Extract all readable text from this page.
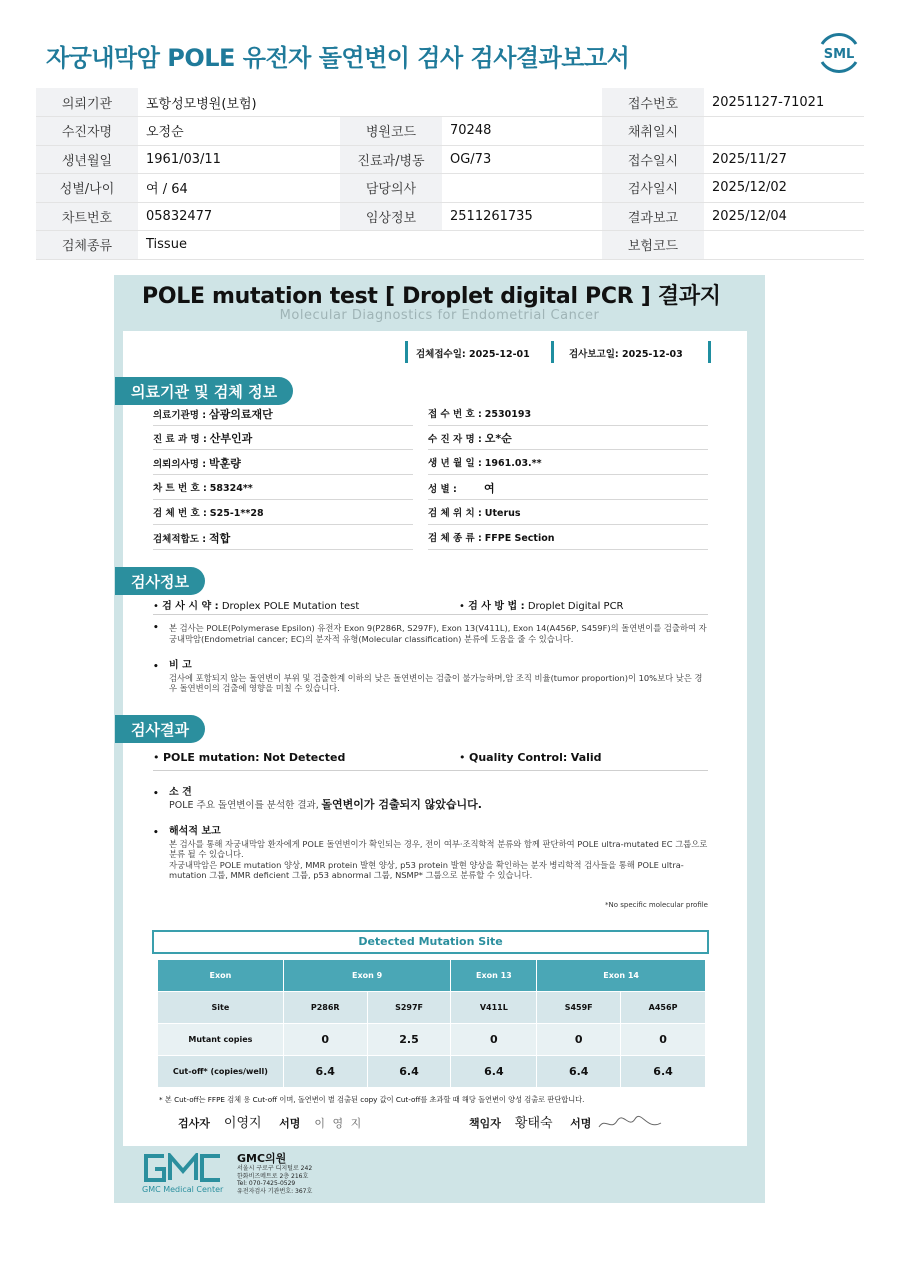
자궁내막암 POLE 유전자 돌연변이 검사 검사결과보고서	SML
의뢰기관	포항성모병원(보험)			접수번호	20251127-71021
수진자명	오정순	병원코드	70248	채취일시	
생년월일	1961/03/11	진료과/병동	OG/73	접수일시	2025/11/27
성별/나이	여 / 64	담당의사		검사일시	2025/12/02
차트번호	05832477	임상정보	2511261735	결과보고	2025/12/04
검체종류	Tissue			보험코드	
POLE mutation test [ Droplet digital PCR ] 결과지
Molecular Diagnostics for Endometrial Cancer
검체접수일: 2025-12-01	검사보고일: 2025-12-03
의료기관 및 검체 정보
의료기관명 : 삼광의료재단	접 수 번 호 : 2530193
진 료 과 명 : 산부인과	수 진 자 명 : 오*순
의뢰의사명 : 박훈량	생 년 월 일 : 1961.03.**
차 트 번 호 : 58324**	성 별 : 여
검 체 번 호 : S25-1**28	검 체 위 치 : Uterus
검체적합도 : 적합	검 체 종 류 : FFPE Section
검사정보
• 검 사 시 약 : Droplex POLE Mutation test	• 검 사 방 법 : Droplet Digital PCR
• 본 검사는 POLE(Polymerase Epsilon) 유전자 Exon 9(P286R, S297F), Exon 13(V411L), Exon 14(A456P, S459F)의 돌연변이를 검출하여 자궁내막암(Endometrial cancer; EC)의 분자적 유형(Molecular classification) 분류에 도움을 줄 수 있습니다.
• 비 고
검사에 포함되지 않는 돌연변이 부위 및 검출한계 이하의 낮은 돌연변이는 검출이 불가능하며,암 조직 비율(tumor proportion)이 10%보다 낮은 경우 돌연변이의 검출에 영향을 미칠 수 있습니다.
검사결과
• POLE mutation: Not Detected	• Quality Control: Valid
• 소 견
POLE 주요 돌연변이를 분석한 결과, 돌연변이가 검출되지 않았습니다.
• 해석적 보고
본 검사를 통해 자궁내막암 환자에게 POLE 돌연변이가 확인되는 경우, 전이 여부·조직학적 분류와 함께 판단하여 POLE ultra-mutated EC 그룹으로 분류 될 수 있습니다.
자궁내막암은 POLE mutation 양상, MMR protein 발현 양상, p53 protein 발현 양상을 확인하는 분자 병리학적 검사들을 통해 POLE ultra-mutation 그룹, MMR deficient 그룹, p53 abnormal 그룹, NSMP* 그룹으로 분류할 수 있습니다.
*No specific molecular profile
Detected Mutation Site
Exon	Exon 9		Exon 13	Exon 14	
Site	P286R	S297F	V411L	S459F	A456P
Mutant copies	0	2.5	0	0	0
Cut-off* (copies/well)	6.4	6.4	6.4	6.4	6.4
* 본 Cut-off는 FFPE 검체 용 Cut-off 이며, 돌연변이 별 검출된 copy 값이 Cut-off를 초과할 때 해당 돌연변이 양성 검출로 판단합니다.
검사자 이영지 서명 이 영 지	책임자 황태숙 서명
GMC Medical Center
GMC의원
서울시 구로구 디지털로 242
한화비즈메트로 2층 216호
Tel: 070-7425-0529
유전자검사 기관번호: 367호
